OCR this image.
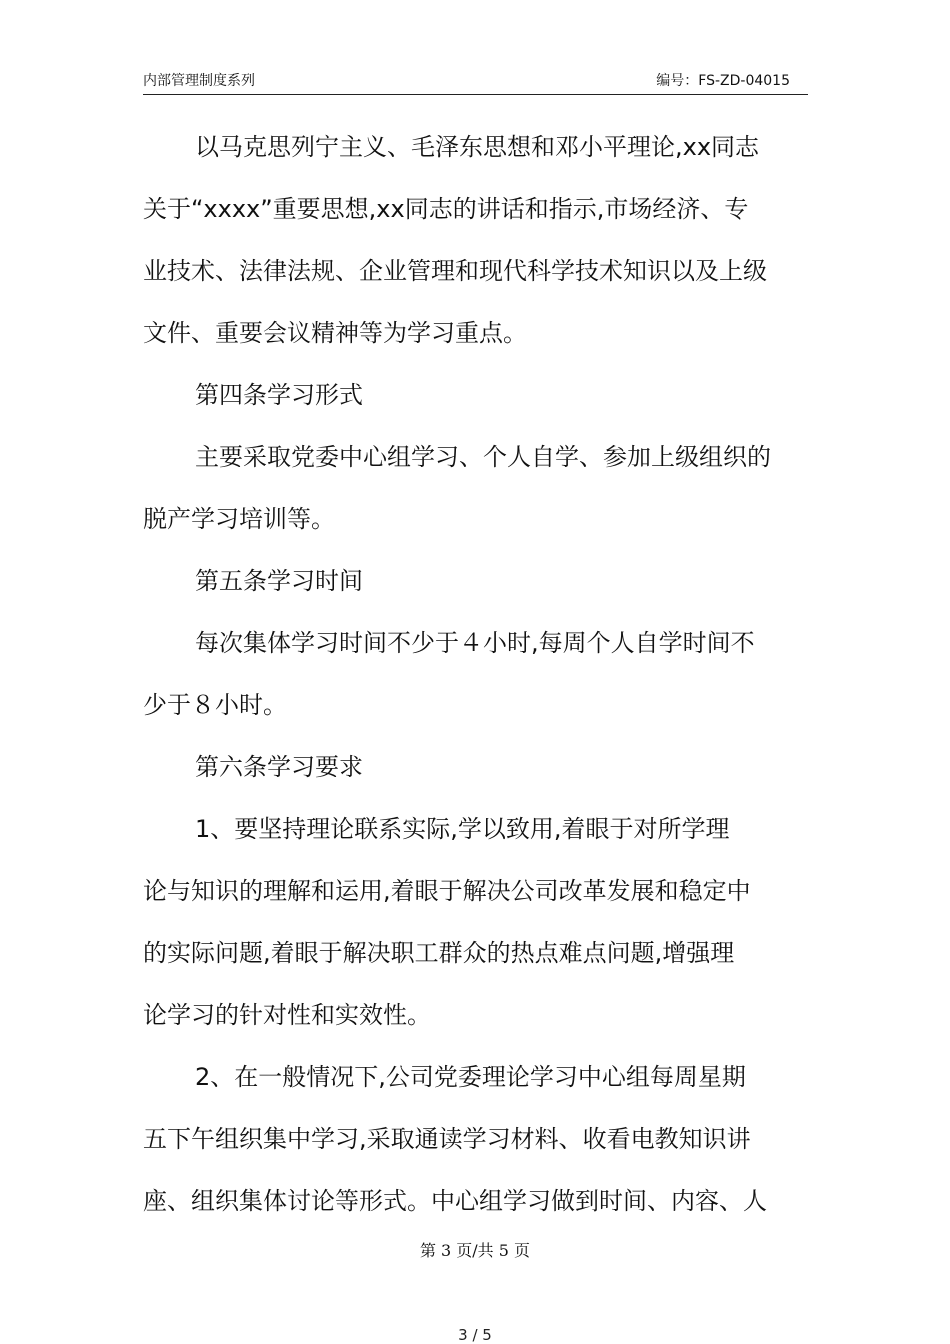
内部管理制度系列	编号：FS-ZD-04015
以马克思列宁主义、毛泽东思想和邓小平理论,xx同志
关于“xxxx”重要思想,xx同志的讲话和指示,市场经济、专
业技术、法律法规、企业管理和现代科学技术知识以及上级
文件、重要会议精神等为学习重点。
第四条学习形式
主要采取党委中心组学习、个人自学、参加上级组织的
脱产学习培训等。
第五条学习时间
每次集体学习时间不少于４小时,每周个人自学时间不
少于８小时。
第六条学习要求
1、要坚持理论联系实际,学以致用,着眼于对所学理
论与知识的理解和运用,着眼于解决公司改革发展和稳定中
的实际问题,着眼于解决职工群众的热点难点问题,增强理
论学习的针对性和实效性。
2、在一般情况下,公司党委理论学习中心组每周星期
五下午组织集中学习,采取通读学习材料、收看电教知识讲
座、组织集体讨论等形式。中心组学习做到时间、内容、人
第 3 页/共 5 页
3 / 5
